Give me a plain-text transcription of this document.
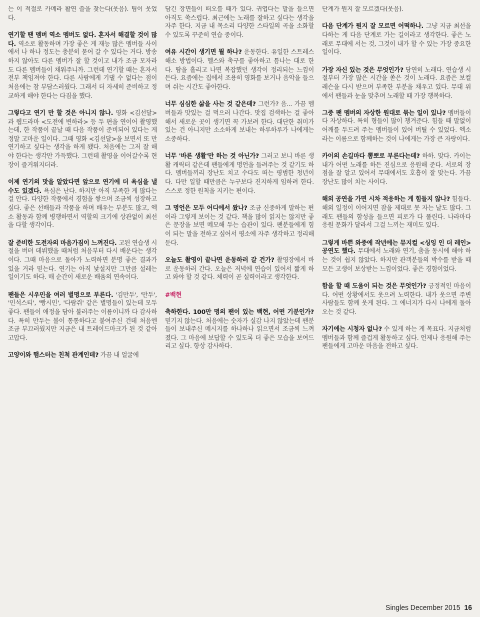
는 이 적절로 카메라 활연 쓸을 찾는다(웃음). 팀이 웃었다.

연기할 땐 멤버 역소 멤버도 없다. 혼자서 해결할 것이 많다. 역소로 활동하며 가장 좋은 게 재능 많은 멤버들 사이에서 나 하나 정도는 충분히 묻어 갈 수 있다는 거다. 방송 하지 않아도 다른 멤버가 잘 할 것이고 내가 조금 모자라도 다른 멤버들이 채워주니까. 그런데 연기할 때는 혼자서 전부 책임져야 한다. 다른 사람에게 기댈 수 없다는 점이 처음에는 참 부담스러웠다. 그래서 더 자세히 준비하고 정교하게 해야 한다는 다짐을 했다.

그렇다고 연기 만 할 것은 아니지 않나. 영화 <김선달>과 웹드라마 <도전에 변하라> 등 두 편을 연이어 촬영했는데, 한 작품이 끝날 때 다음 작품이 준비되어 있다는 게 정말 고마운 일이다. 그때 영화 <김선달>을 보면서 또 만 연기하고 싶다는 생각을 하게 됐다. 처음에는 그저 잘 해야 한다는 생각만 가득했다. 그런데 촬영을 이어갈수록 현장이 즐거워지더라.

이제 연기의 맛을 알았다면 앞으로 연기에 더 욕심을 낼 수도 있겠다. 욕심은 난다. 하지만 아직 부족한 게 많다는 걸 안다. 다양한 작품에서 경험을 쌓으며 조금씩 성장하고 싶다. 좋은 선배들과 작품을 하며 배우는 부분도 많고, 엑소 활동과 함께 병행하면서 역할의 크기에 상관없이 최선을 다할 생각이다.

잘 준비한 도전자의 마음가짐이 느껴진다. 고된 연습생 시절을 버텨 데뷔했을 때처럼 처음부터 다시 배운다는 생각이다. 그때 마음으로 돌아가 노력하면 분명 좋은 결과가 있을 거라 믿는다. 연기는 아직 낯설지만 그만큼 설레는 일이기도 하다. 매 순간이 새로운 배움의 연속이다.

팬들은 시우민을 여러 별명으로 부른다. '김만두', '만두', '민석스티', '빵시민', '다람쥐' 같은 별명들이 있는데 모두 좋다. 팬들이 애정을 담아 불러주는 이름이니까 다 감사하다. 특히 만두는 볼이 통통하다고 붙여주신 건데 처음엔 조금 부끄러웠지만 지금은 내 트레이드마크가 된 것 같아 고맙다.

고양이와 햄스터는 친척 관계인데? 가끔 내 얼굴에

담긴 장면들이 떠오를 때가 있다. 귀엽다는 말을 들으면 아직도 쑥스럽다. 최근에는 노래를 잘하고 싶다는 생각을 자주 한다. 지금 내 목소리 다양한 스타일의 곡을 소화할 수 있도록 꾸준히 연습 중이다.

여유 시간이 생기면 뭘 하나? 운동한다. 유일한 스트레스 해소 방법이다. 헬스와 축구를 좋아하고 틈나는 대로 한다. 땀을 흘리고 나면 복잡했던 생각이 정리되는 느낌이 든다. 요즘에는 집에서 조용히 영화를 보거나 음악을 들으며 쉬는 시간도 좋아한다.

너무 심심한 삶을 사는 것 같은데? 그런가? 음... 가끔 멤버들과 맛있는 걸 먹으러 나간다. 맛집 검색하는 걸 좋아해서 새로운 곳이 생기면 꼭 가보려 한다. 대단한 취미가 있는 건 아니지만 소소하게 보내는 하루하루가 나에게는 소중하다.

너무 '바른 생활'만 하는 것 아닌가? 그러고 보니 바른 생활 캐릭터 같은데 팬들에게 명언을 들려주는 것 같기도 하다. 멤버들끼리 장난도 치고 수다도 떠는 평범한 청년이다. 다만 일할 때만큼은 누구보다 진지하게 임하려 한다. 스스로 정한 원칙을 지키는 편이다.

그 명언은 모두 어디에서 왔나? 조금 신중하게 말하는 편이라 그렇게 보이는 것 같다. 책을 많이 읽지는 않지만 좋은 문장을 보면 메모해 두는 습관이 있다. 팬분들에게 힘이 되는 말을 전하고 싶어서 평소에 자주 생각하고 정리해 둔다.

오늘도 촬영이 끝나면 운동하러 갈 건가? 촬영장에서 바로 운동하러 간다. 오늘은 저녁에 연습이 있어서 짧게 하고 와야 할 것 같다. 체력이 곧 실력이라고 생각한다.

#백현

축하한다. 100만 명의 팬이 있는 백현, 어떤 기분인가? 믿기지 않는다. 처음에는 숫자가 실감 나지 않았는데 팬분들이 보내주신 메시지를 하나하나 읽으면서 조금씩 느껴졌다. 그 마음에 보답할 수 있도록 더 좋은 모습을 보여드리고 싶다. 항상 감사하다.

단계가 뭔지 잘 모르겠다(웃음).

다음 단계가 뭔지 잘 모르면 어떡하나. 그냥 지금 최선을 다하는 게 다음 단계로 가는 길이라고 생각한다. 좋은 노래로 무대에 서는 것, 그것이 내가 할 수 있는 가장 중요한 일이다.

가장 자신 있는 것은 무엇인가? 당연히 노래다. 연습생 시절부터 가장 많은 시간을 쏟은 것이 노래다. 요즘은 보컬 레슨을 다시 받으며 부족한 부분을 채우고 있다. 무대 위에서 팬들과 눈을 맞추며 노래할 때 가장 행복하다.

그중 팬 멤버의 자상한 원대로 묶는 일이 있나? 멤버들이 다 자상하다. 특히 형들이 많이 챙겨준다. 힘들 때 말없이 어깨를 두드려 주는 멤버들이 있어 버틸 수 있었다. 엑소라는 이름으로 함께하는 것이 나에게는 가장 큰 자랑이다.

카이의 손길마다 뽐뽀로 부른다는데? 하하. 맞다. 카이는 내가 어떤 노래를 하든 진심으로 응원해 준다. 서로의 장점을 잘 알고 있어서 무대에서도 호흡이 잘 맞는다. 가끔 장난도 많이 치는 사이다.

해외 공연을 가면 시차 적응하는 게 힘들지 않나? 힘들다. 해외 일정이 이어지면 잠을 제대로 못 자는 날도 많다. 그래도 팬들의 함성을 들으면 피로가 다 풀린다. 나라마다 응원 문화가 달라서 그걸 느끼는 재미도 있다.

그렇게 바쁜 와중에 작년에는 뮤지컬 <싱잉 인 더 레인> 공연도 했다. 무대에서 노래와 연기, 춤을 동시에 해야 하는 것이 쉽지 않았다. 하지만 관객분들의 박수를 받을 때 모든 고생이 보상받는 느낌이었다. 좋은 경험이었다.

함을 할 때 도움이 되는 것은 무엇인가? 긍정적인 마음이다. 어떤 상황에서도 웃으려 노력한다. 내가 웃으면 주변 사람들도 함께 웃게 된다. 그 에너지가 다시 나에게 돌아오는 것 같다.

자기에는 시청자 없나? 수 있게 하는 게 목표다. 지금처럼 멤버들과 함께 즐겁게 활동하고 싶다. 언제나 응원해 주는 팬들에게 고마운 마음을 전하고 싶다.

Singles December 2015 16
